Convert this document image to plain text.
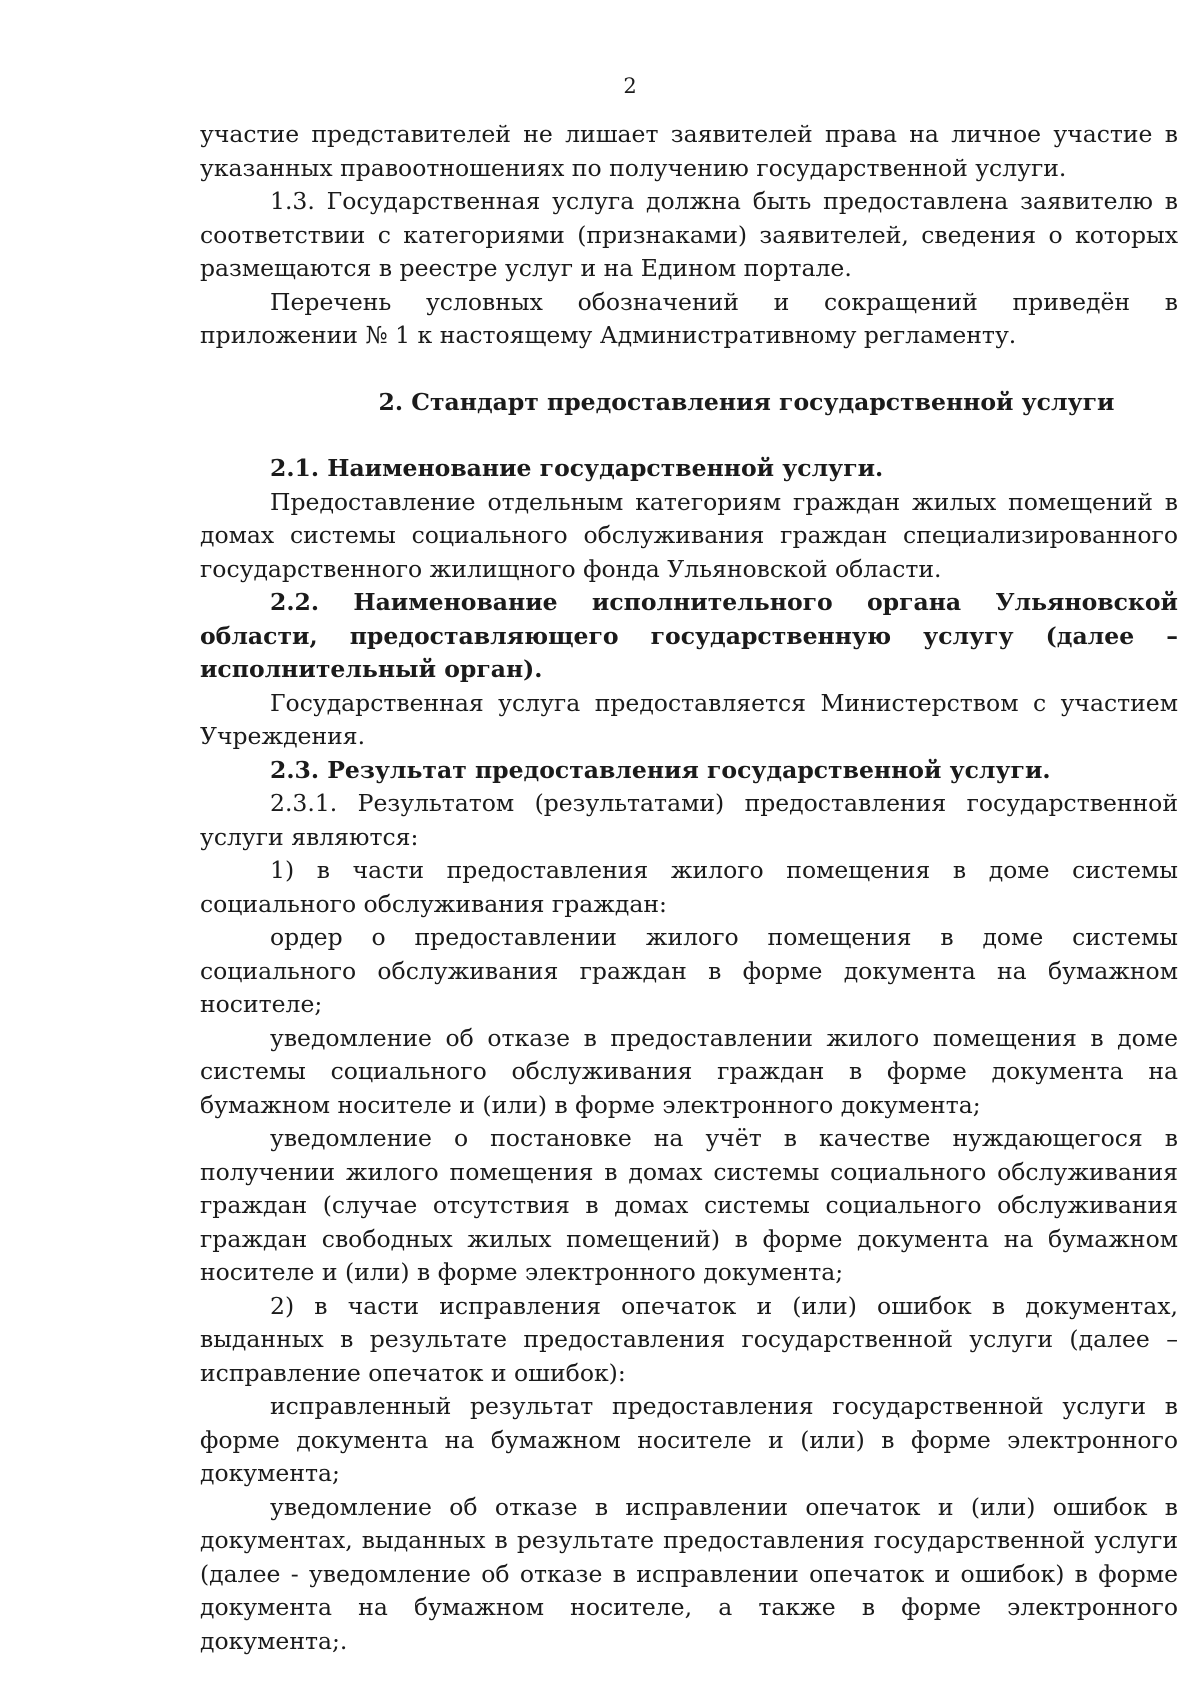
2

участие представителей не лишает заявителей права на личное участие в указанных правоотношениях по получению государственной услуги.

1.3. Государственная услуга должна быть предоставлена заявителю в соответствии с категориями (признаками) заявителей, сведения о которых размещаются в реестре услуг и на Едином портале.

Перечень условных обозначений и сокращений приведён в приложении № 1 к настоящему Административному регламенту.

2. Стандарт предоставления государственной услуги

2.1. Наименование государственной услуги.

Предоставление отдельным категориям граждан жилых помещений в домах системы социального обслуживания граждан специализированного государственного жилищного фонда Ульяновской области.

2.2. Наименование исполнительного органа Ульяновской области, предоставляющего государственную услугу (далее – исполнительный орган).

Государственная услуга предоставляется Министерством с участием Учреждения.

2.3. Результат предоставления государственной услуги.

2.3.1. Результатом (результатами) предоставления государственной услуги являются:

1) в части предоставления жилого помещения в доме системы социального обслуживания граждан:

ордер о предоставлении жилого помещения в доме системы социального обслуживания граждан в форме документа на бумажном носителе;

уведомление об отказе в предоставлении жилого помещения в доме системы социального обслуживания граждан в форме документа на бумажном носителе и (или) в форме электронного документа;

уведомление о постановке на учёт в качестве нуждающегося в получении жилого помещения в домах системы социального обслуживания граждан (случае отсутствия в домах системы социального обслуживания граждан свободных жилых помещений) в форме документа на бумажном носителе и (или) в форме электронного документа;

2) в части исправления опечаток и (или) ошибок в документах, выданных в результате предоставления государственной услуги (далее – исправление опечаток и ошибок):

исправленный результат предоставления государственной услуги в форме документа на бумажном носителе и (или) в форме электронного документа;

уведомление об отказе в исправлении опечаток и (или) ошибок в документах, выданных в результате предоставления государственной услуги (далее - уведомление об отказе в исправлении опечаток и ошибок) в форме документа на бумажном носителе, а также в форме электронного документа;.
